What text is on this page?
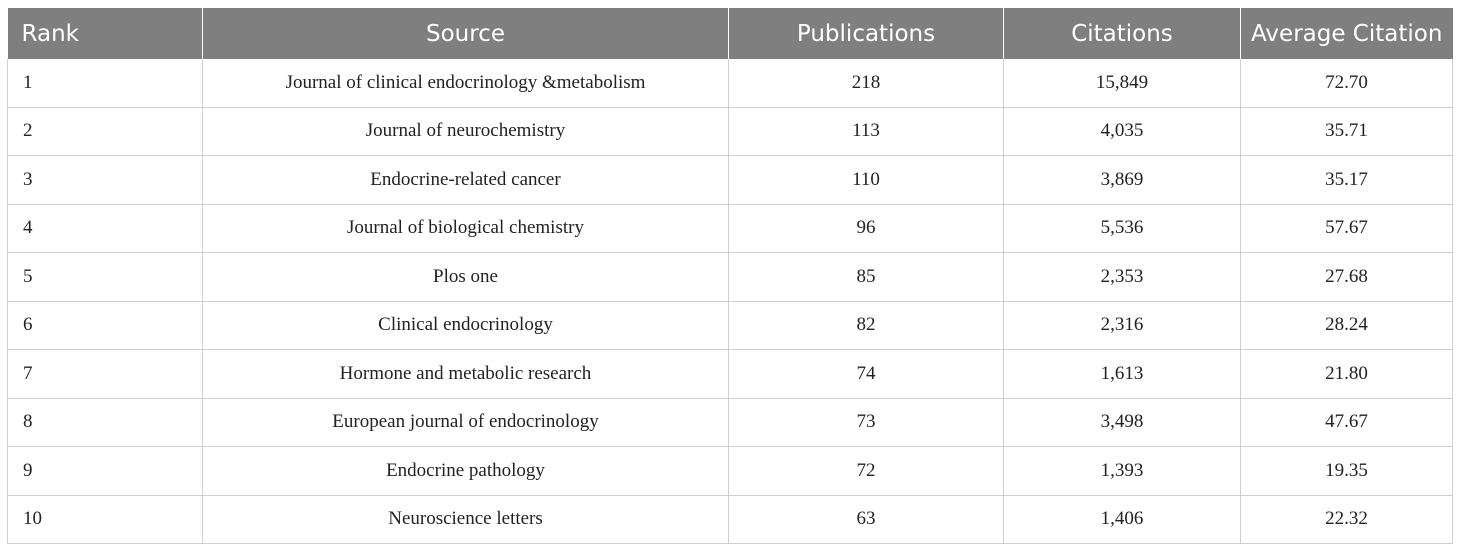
Rank	Source	Publications	Citations	Average Citation
1	Journal of clinical endocrinology &metabolism	218	15,849	72.70
2	Journal of neurochemistry	113	4,035	35.71
3	Endocrine-related cancer	110	3,869	35.17
4	Journal of biological chemistry	96	5,536	57.67
5	Plos one	85	2,353	27.68
6	Clinical endocrinology	82	2,316	28.24
7	Hormone and metabolic research	74	1,613	21.80
8	European journal of endocrinology	73	3,498	47.67
9	Endocrine pathology	72	1,393	19.35
10	Neuroscience letters	63	1,406	22.32
